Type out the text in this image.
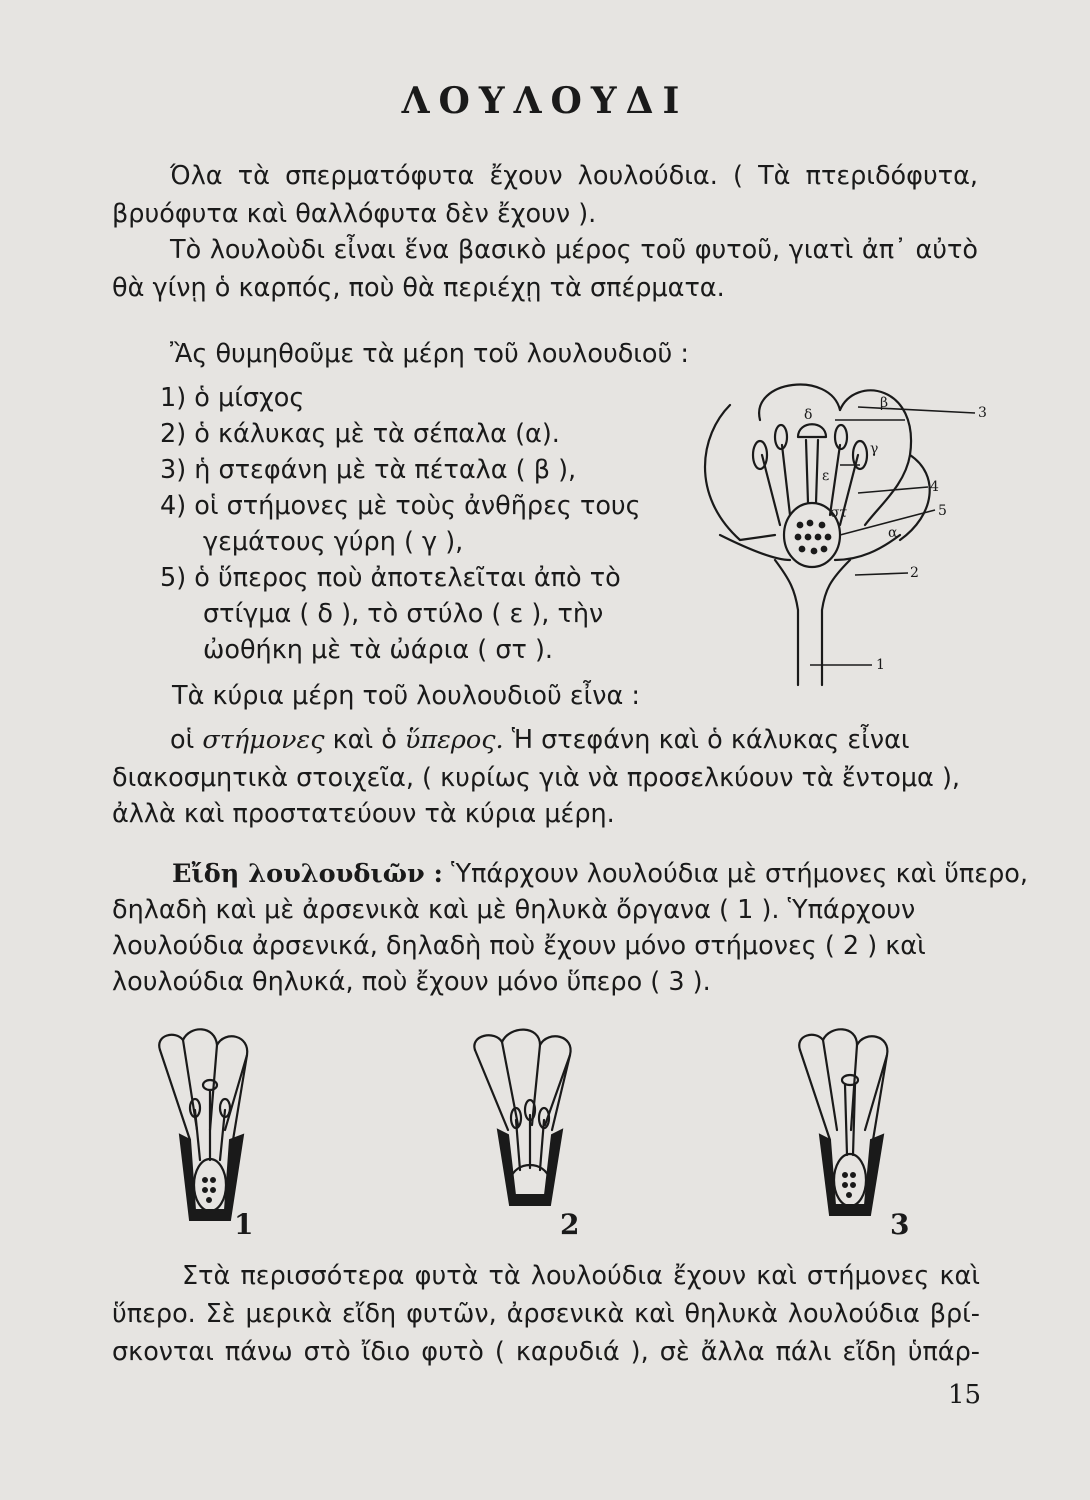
ΛΟΥΛΟΥΔΙ
Όλα τὰ σπερματόφυτα ἔχουν λουλούδια. ( Τὰ πτεριδόφυτα,
βρυόφυτα καὶ θαλλόφυτα δὲν ἔχουν ).
Τὸ λουλοὺδι εἶναι ἕνα βασικὸ μέρος τοῦ φυτοῦ, γιατὶ ἀπ᾿ αὐτὸ
θὰ γίνῃ ὁ καρπός, ποὺ θὰ περιέχῃ τὰ σπέρματα.
Ἂς θυμηθοῦμε τὰ μέρη τοῦ λουλουδιοῦ :
1) ὁ μίσχος
2) ὁ κάλυκας μὲ τὰ σέπαλα (α).
3) ἡ στεφάνη μὲ τὰ πέταλα ( β ),
4) οἱ στήμονες μὲ τοὺς ἀνθῆρες τους
γεμάτους γύρη ( γ ),
5) ὁ ὕπερος ποὺ ἀποτελεῖται ἀπὸ τὸ
στίγμα ( δ ), τὸ στύλο ( ε ), τὴν
ὠοθήκη μὲ τὰ ὠάρια ( στ ).
β
3
δ
γ
ε
4
5
α
στ
2
1
Τὰ κύρια μέρη τοῦ λουλουδιοῦ εἶνα :
οἱ στήμονες καὶ ὁ ὕπερος. Ἡ στεφάνη καὶ ὁ κάλυκας εἶναι
διακοσμητικὰ στοιχεῖα, ( κυρίως γιὰ νὰ προσελκύουν τὰ ἔντομα ),
ἀλλὰ καὶ προστατεύουν τὰ κύρια μέρη.
Εἴδη λουλουδιῶν : Ὑπάρχουν λουλούδια μὲ στήμονες καὶ ὕπερο,
δηλαδὴ καὶ μὲ ἀρσενικὰ καὶ μὲ θηλυκὰ ὄργανα ( 1 ). Ὑπάρχουν
λουλούδια ἀρσενικά, δηλαδὴ ποὺ ἔχουν μόνο στήμονες ( 2 ) καὶ
λουλούδια θηλυκά, ποὺ ἔχουν μόνο ὕπερο ( 3 ).
1	2	3
Στὰ περισσότερα φυτὰ τὰ λουλούδια ἔχουν καὶ στήμονες καὶ
ὕπερο. Σὲ μερικὰ εἴδη φυτῶν, ἀρσενικὰ καὶ θηλυκὰ λουλούδια βρί-
σκονται πάνω στὸ ἴδιο φυτὸ ( καρυδιά ), σὲ ἄλλα πάλι εἴδη ὑπάρ-
15
